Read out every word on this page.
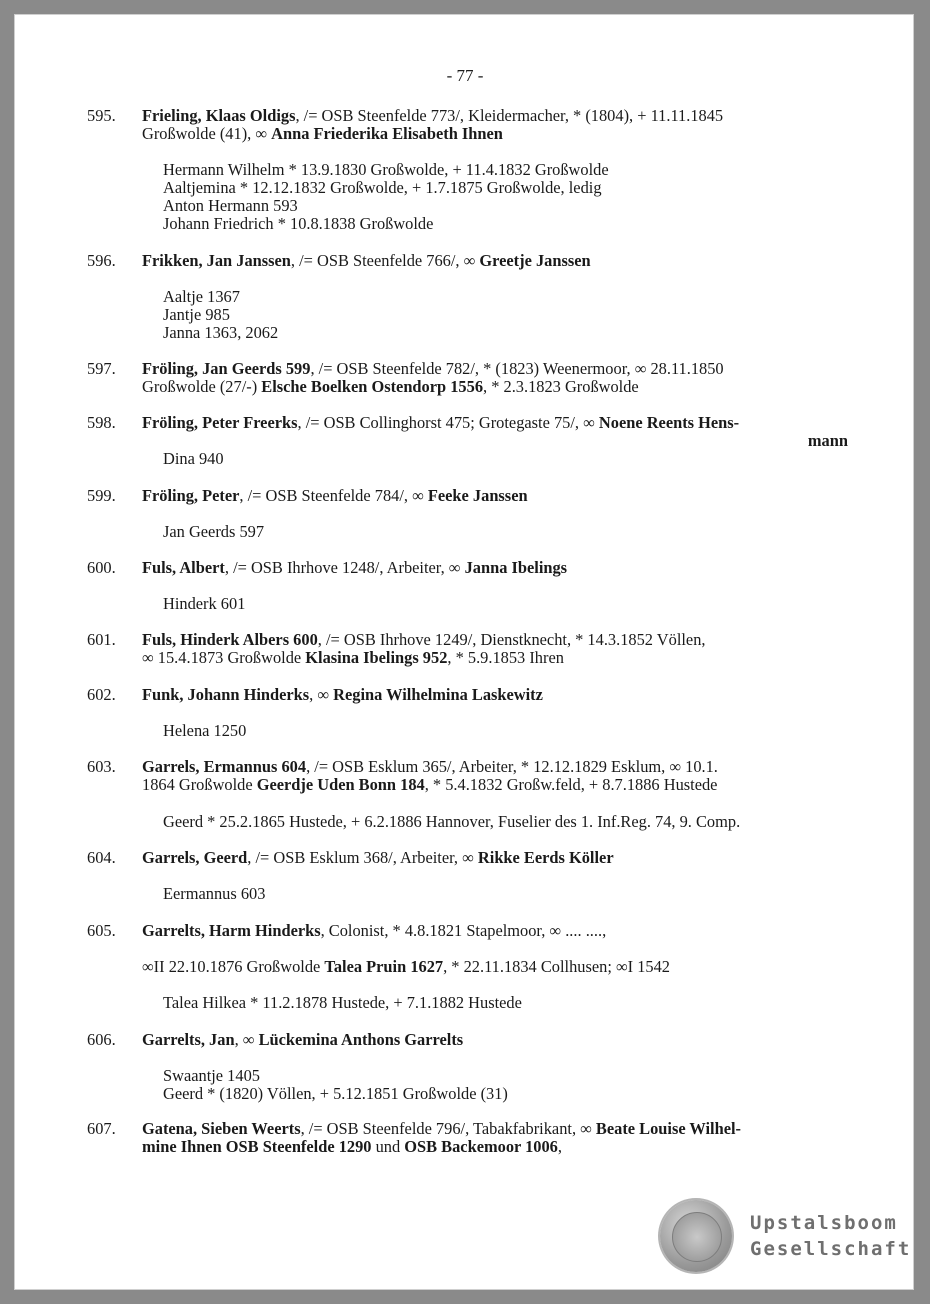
- 77 -
595.	Frieling, Klaas Oldigs, /= OSB Steenfelde 773/, Kleidermacher, * (1804), + 11.11.1845
Großwolde (41), ∞ Anna Friederika Elisabeth Ihnen
Hermann Wilhelm * 13.9.1830 Großwolde, + 11.4.1832 Großwolde
Aaltjemina * 12.12.1832 Großwolde, + 1.7.1875 Großwolde, ledig
Anton Hermann 593
Johann Friedrich * 10.8.1838 Großwolde
596.	Frikken, Jan Janssen, /= OSB Steenfelde 766/, ∞ Greetje Janssen
Aaltje 1367
Jantje 985
Janna 1363, 2062
597.	Fröling, Jan Geerds 599, /= OSB Steenfelde 782/, * (1823) Weenermoor, ∞ 28.11.1850
Großwolde (27/-) Elsche Boelken Ostendorp 1556, * 2.3.1823 Großwolde
598.	Fröling, Peter Freerks, /= OSB Collinghorst 475; Grotegaste 75/, ∞ Noene Reents Hens-
mann
Dina 940
599.	Fröling, Peter, /= OSB Steenfelde 784/, ∞ Feeke Janssen
Jan Geerds 597
600.	Fuls, Albert, /= OSB Ihrhove 1248/, Arbeiter, ∞ Janna Ibelings
Hinderk 601
601.	Fuls, Hinderk Albers 600, /= OSB Ihrhove 1249/, Dienstknecht, * 14.3.1852 Völlen,
∞ 15.4.1873 Großwolde Klasina Ibelings 952, * 5.9.1853 Ihren
602.	Funk, Johann Hinderks, ∞ Regina Wilhelmina Laskewitz
Helena 1250
603.	Garrels, Ermannus 604, /= OSB Esklum 365/, Arbeiter, * 12.12.1829 Esklum, ∞ 10.1.
1864 Großwolde Geerdje Uden Bonn 184, * 5.4.1832 Großw.feld, + 8.7.1886 Hustede
Geerd * 25.2.1865 Hustede, + 6.2.1886 Hannover, Fuselier des 1. Inf.Reg. 74, 9. Comp.
604.	Garrels, Geerd, /= OSB Esklum 368/, Arbeiter, ∞ Rikke Eerds Köller
Eermannus 603
605.	Garrelts, Harm Hinderks, Colonist, * 4.8.1821 Stapelmoor, ∞ .... ....,
∞II 22.10.1876 Großwolde Talea Pruin 1627, * 22.11.1834 Collhusen; ∞I 1542
Talea Hilkea * 11.2.1878 Hustede, + 7.1.1882 Hustede
606.	Garrelts, Jan, ∞ Lückemina Anthons Garrelts
Swaantje 1405
Geerd * (1820) Völlen, + 5.12.1851 Großwolde (31)
607.	Gatena, Sieben Weerts, /= OSB Steenfelde 796/, Tabakfabrikant, ∞ Beate Louise Wilhel-
mine Ihnen OSB Steenfelde 1290 und OSB Backemoor 1006,
Upstalsboom
Gesellschaft
